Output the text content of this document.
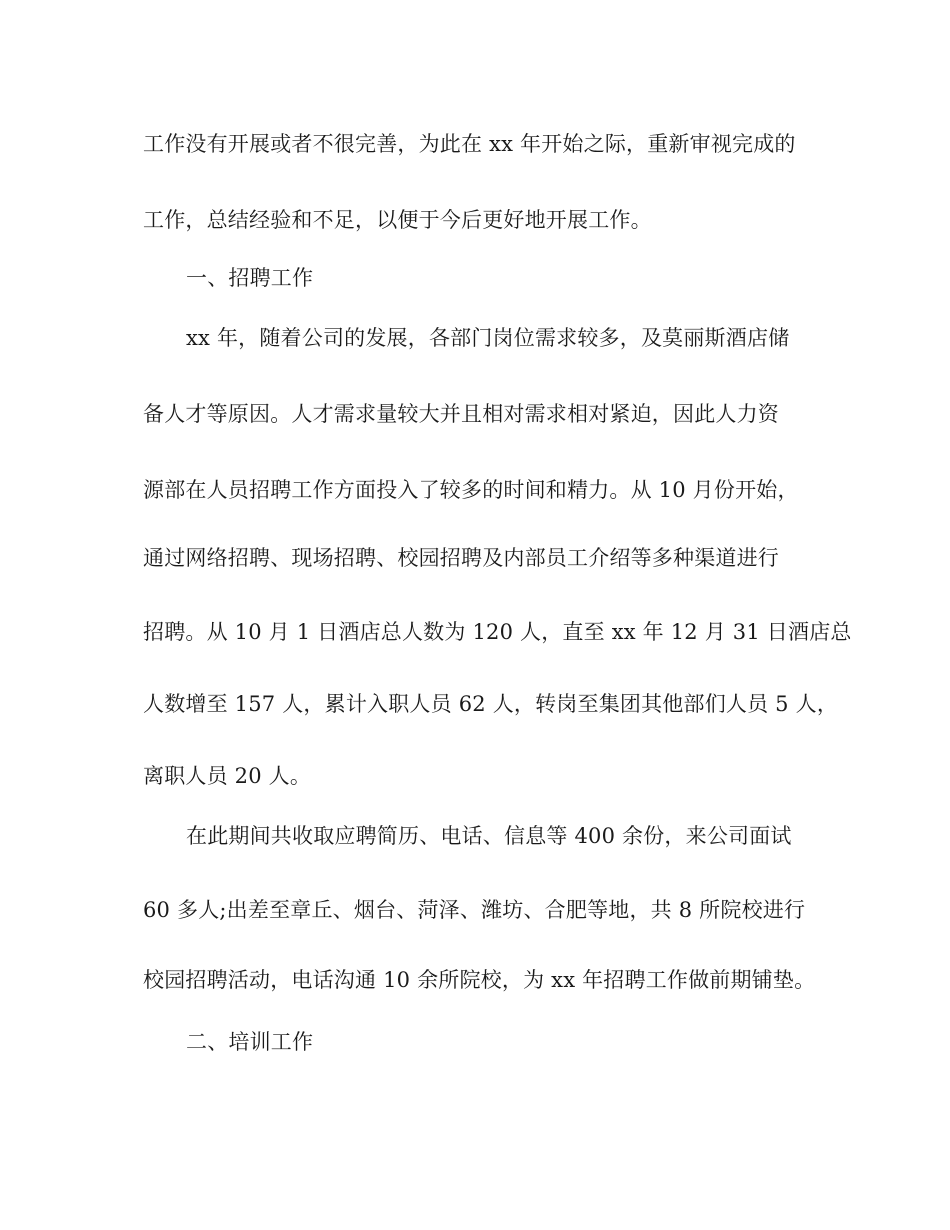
工作没有开展或者不很完善，为此在 xx 年开始之际，重新审视完成的
工作，总结经验和不足，以便于今后更好地开展工作。
一、招聘工作
xx 年，随着公司的发展，各部门岗位需求较多，及莫丽斯酒店储
备人才等原因。人才需求量较大并且相对需求相对紧迫，因此人力资
源部在人员招聘工作方面投入了较多的时间和精力。从 10 月份开始，
通过网络招聘、现场招聘、校园招聘及内部员工介绍等多种渠道进行
招聘。从 10 月 1 日酒店总人数为 120 人，直至 xx 年 12 月 31 日酒店总
人数增至 157 人，累计入职人员 62 人，转岗至集团其他部们人员 5 人，
离职人员 20 人。
在此期间共收取应聘简历、电话、信息等 400 余份，来公司面试
60 多人;出差至章丘、烟台、菏泽、潍坊、合肥等地，共 8 所院校进行
校园招聘活动，电话沟通 10 余所院校，为 xx 年招聘工作做前期铺垫。
二、培训工作
